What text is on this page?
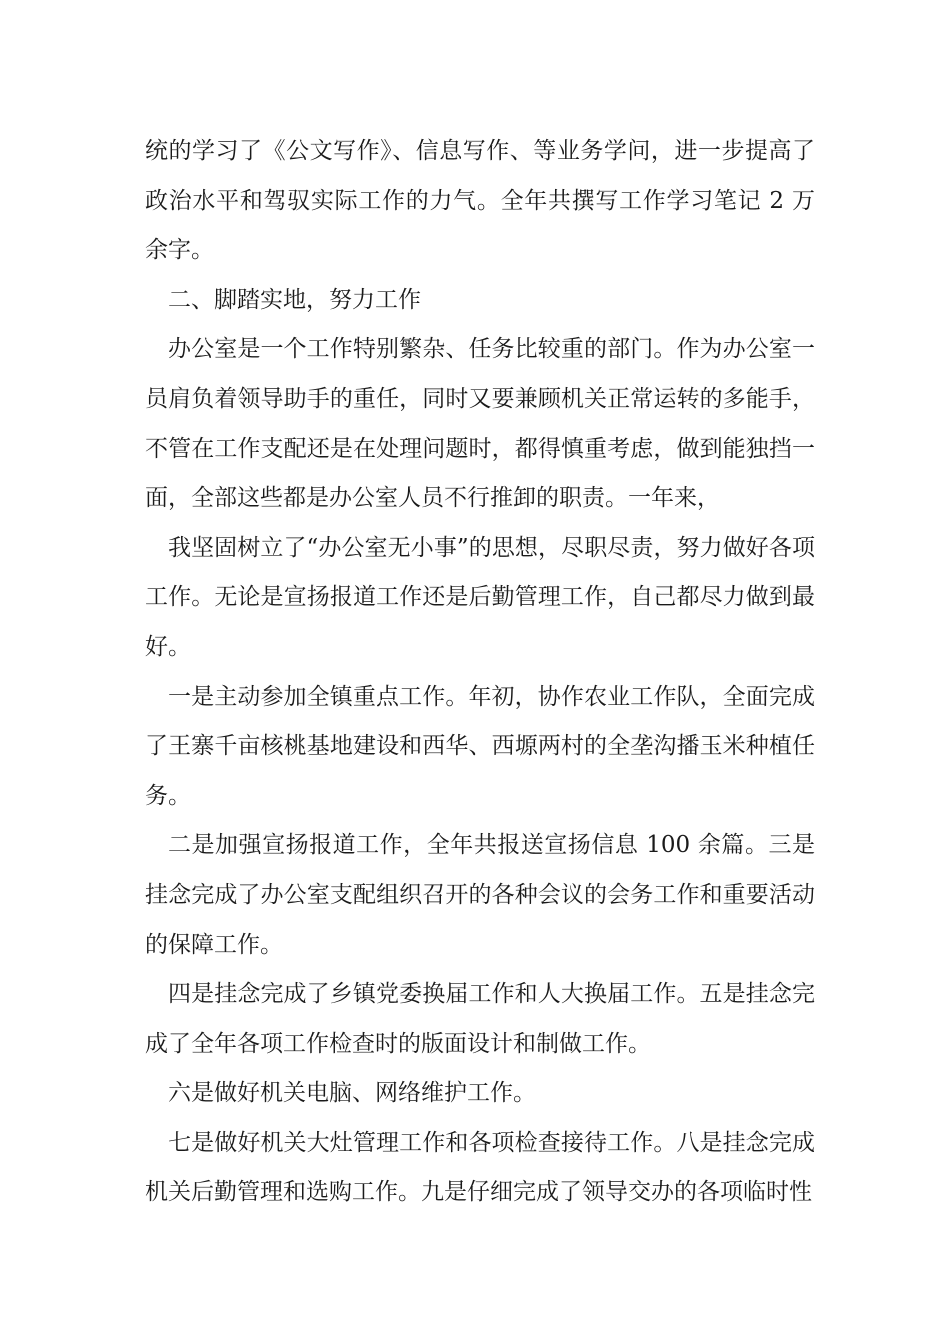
统的学习了《公文写作》、信息写作、等业务学问，进一步提高了政治水平和驾驭实际工作的力气。全年共撰写工作学习笔记 2 万余字。

二、脚踏实地，努力工作

办公室是一个工作特别繁杂、任务比较重的部门。作为办公室一员肩负着领导助手的重任，同时又要兼顾机关正常运转的多能手，不管在工作支配还是在处理问题时，都得慎重考虑，做到能独挡一面，全部这些都是办公室人员不行推卸的职责。一年来，

我坚固树立了“办公室无小事”的思想，尽职尽责，努力做好各项工作。无论是宣扬报道工作还是后勤管理工作，自己都尽力做到最好。

一是主动参加全镇重点工作。年初，协作农业工作队，全面完成了王寨千亩核桃基地建设和西华、西塬两村的全垄沟播玉米种植任务。

二是加强宣扬报道工作，全年共报送宣扬信息 100 余篇。三是挂念完成了办公室支配组织召开的各种会议的会务工作和重要活动的保障工作。

四是挂念完成了乡镇党委换届工作和人大换届工作。五是挂念完成了全年各项工作检查时的版面设计和制做工作。

六是做好机关电脑、网络维护工作。

七是做好机关大灶管理工作和各项检查接待工作。八是挂念完成机关后勤管理和选购工作。九是仔细完成了领导交办的各项临时性
